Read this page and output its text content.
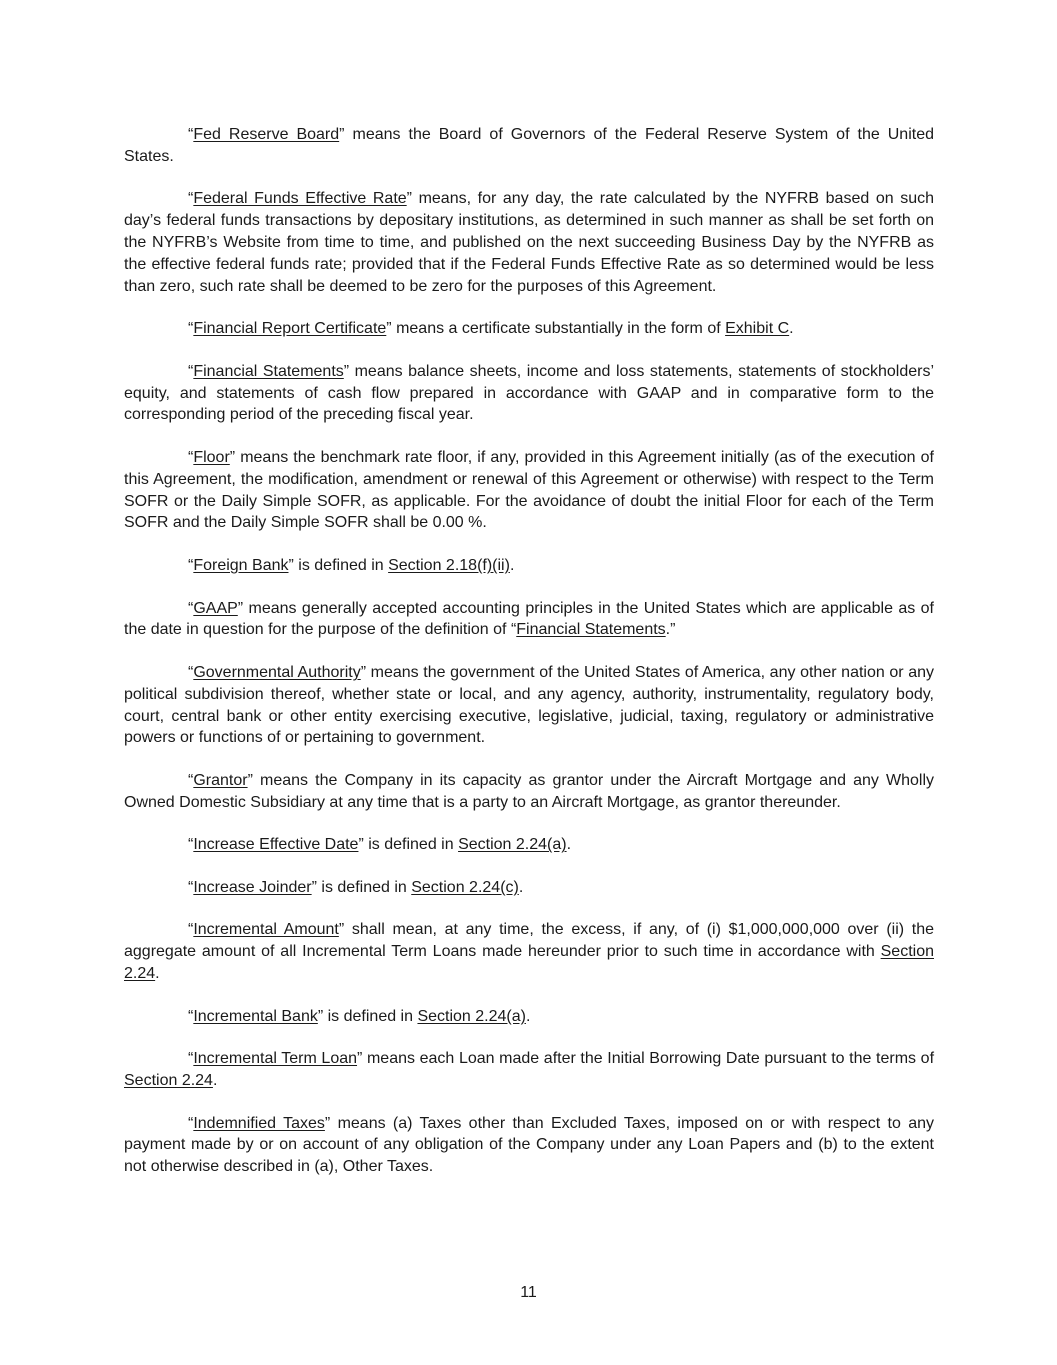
“Fed Reserve Board” means the Board of Governors of the Federal Reserve System of the United States.

“Federal Funds Effective Rate” means, for any day, the rate calculated by the NYFRB based on such day’s federal funds transactions by depositary institutions, as determined in such manner as shall be set forth on the NYFRB’s Website from time to time, and published on the next succeeding Business Day by the NYFRB as the effective federal funds rate; provided that if the Federal Funds Effective Rate as so determined would be less than zero, such rate shall be deemed to be zero for the purposes of this Agreement.

“Financial Report Certificate” means a certificate substantially in the form of Exhibit C.

“Financial Statements” means balance sheets, income and loss statements, statements of stockholders’ equity, and statements of cash flow prepared in accordance with GAAP and in comparative form to the corresponding period of the preceding fiscal year.

“Floor” means the benchmark rate floor, if any, provided in this Agreement initially (as of the execution of this Agreement, the modification, amendment or renewal of this Agreement or otherwise) with respect to the Term SOFR or the Daily Simple SOFR, as applicable. For the avoidance of doubt the initial Floor for each of the Term SOFR and the Daily Simple SOFR shall be 0.00 %.

“Foreign Bank” is defined in Section 2.18(f)(ii).

“GAAP” means generally accepted accounting principles in the United States which are applicable as of the date in question for the purpose of the definition of “Financial Statements.”

“Governmental Authority” means the government of the United States of America, any other nation or any political subdivision thereof, whether state or local, and any agency, authority, instrumentality, regulatory body, court, central bank or other entity exercising executive, legislative, judicial, taxing, regulatory or administrative powers or functions of or pertaining to government.

“Grantor” means the Company in its capacity as grantor under the Aircraft Mortgage and any Wholly Owned Domestic Subsidiary at any time that is a party to an Aircraft Mortgage, as grantor thereunder.

“Increase Effective Date” is defined in Section 2.24(a).

“Increase Joinder” is defined in Section 2.24(c).

“Incremental Amount” shall mean, at any time, the excess, if any, of (i) $1,000,000,000 over (ii) the aggregate amount of all Incremental Term Loans made hereunder prior to such time in accordance with Section 2.24.

“Incremental Bank” is defined in Section 2.24(a).

“Incremental Term Loan” means each Loan made after the Initial Borrowing Date pursuant to the terms of Section 2.24.

“Indemnified Taxes” means (a) Taxes other than Excluded Taxes, imposed on or with respect to any payment made by or on account of any obligation of the Company under any Loan Papers and (b) to the extent not otherwise described in (a), Other Taxes.

11
